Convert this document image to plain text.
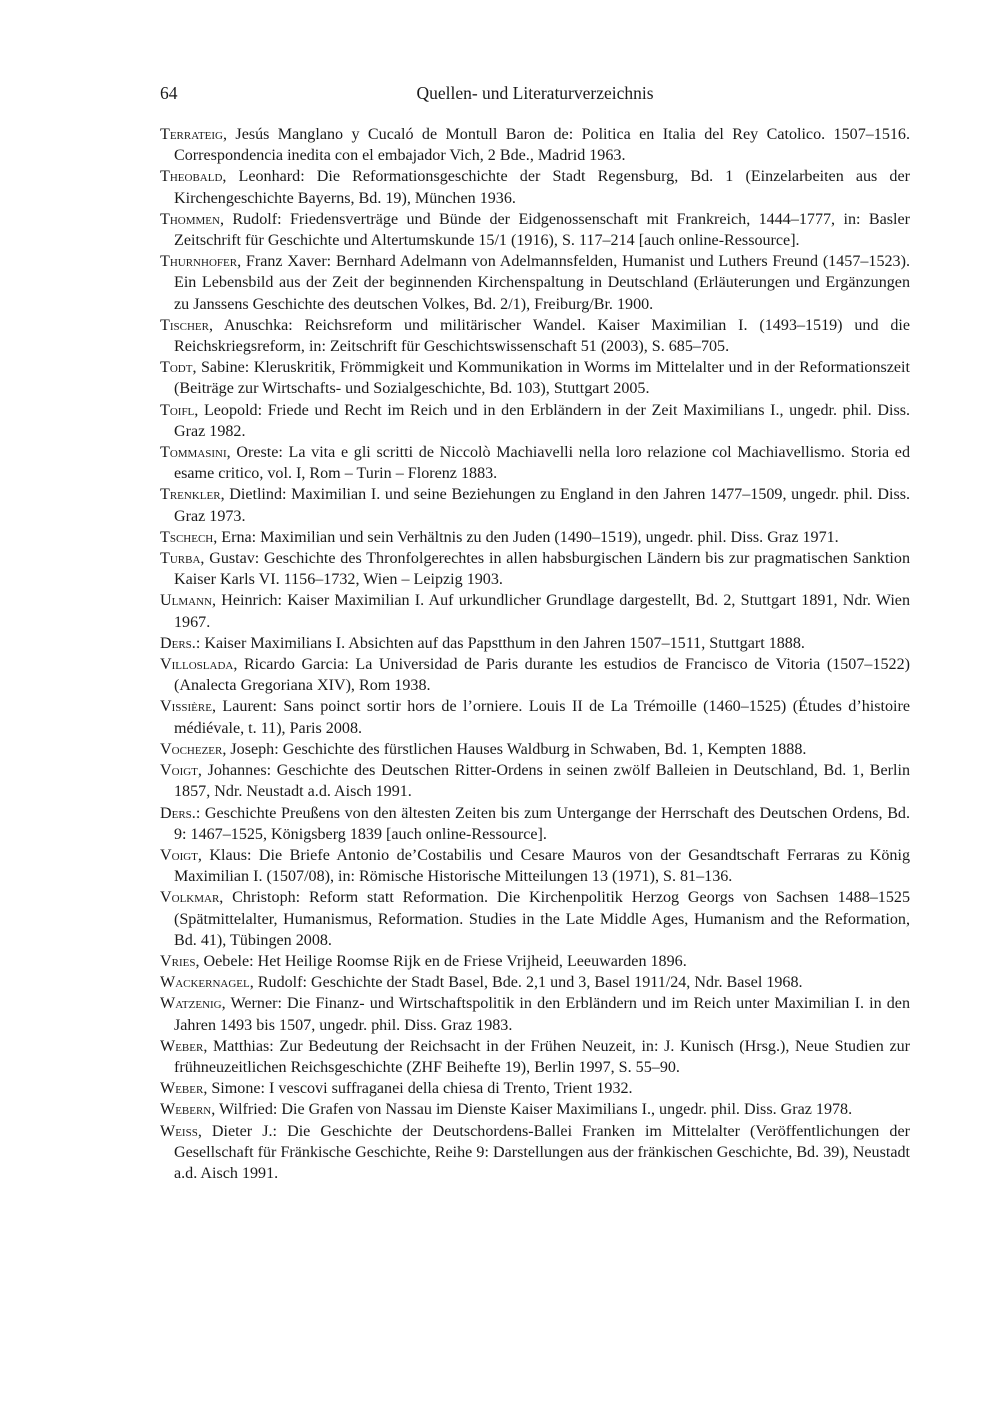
64	Quellen- und Literaturverzeichnis
Terrateig, Jesús Manglano y Cucaló de Montull Baron de: Politica en Italia del Rey Catolico. 1507–1516. Correspondencia inedita con el embajador Vich, 2 Bde., Madrid 1963.
Theobald, Leonhard: Die Reformationsgeschichte der Stadt Regensburg, Bd. 1 (Einzelarbeiten aus der Kirchengeschichte Bayerns, Bd. 19), München 1936.
Thommen, Rudolf: Friedensverträge und Bünde der Eidgenossenschaft mit Frankreich, 1444–1777, in: Basler Zeitschrift für Geschichte und Altertumskunde 15/1 (1916), S. 117–214 [auch online-Ressource].
Thurnhofer, Franz Xaver: Bernhard Adelmann von Adelmannsfelden, Humanist und Luthers Freund (1457–1523). Ein Lebensbild aus der Zeit der beginnenden Kirchenspaltung in Deutschland (Erläuterungen und Ergänzungen zu Janssens Geschichte des deutschen Volkes, Bd. 2/1), Freiburg/Br. 1900.
Tischer, Anuschka: Reichsreform und militärischer Wandel. Kaiser Maximilian I. (1493–1519) und die Reichskriegsreform, in: Zeitschrift für Geschichtswissenschaft 51 (2003), S. 685–705.
Todt, Sabine: Kleruskritik, Frömmigkeit und Kommunikation in Worms im Mittelalter und in der Reformationszeit (Beiträge zur Wirtschafts- und Sozialgeschichte, Bd. 103), Stuttgart 2005.
Toifl, Leopold: Friede und Recht im Reich und in den Erbländern in der Zeit Maximilians I., ungedr. phil. Diss. Graz 1982.
Tommasini, Oreste: La vita e gli scritti de Niccolò Machiavelli nella loro relazione col Machiavellismo. Storia ed esame critico, vol. I, Rom – Turin – Florenz 1883.
Trenkler, Dietlind: Maximilian I. und seine Beziehungen zu England in den Jahren 1477–1509, ungedr. phil. Diss. Graz 1973.
Tschech, Erna: Maximilian und sein Verhältnis zu den Juden (1490–1519), ungedr. phil. Diss. Graz 1971.
Turba, Gustav: Geschichte des Thronfolgerechtes in allen habsburgischen Ländern bis zur pragmatischen Sanktion Kaiser Karls VI. 1156–1732, Wien – Leipzig 1903.
Ulmann, Heinrich: Kaiser Maximilian I. Auf urkundlicher Grundlage dargestellt, Bd. 2, Stuttgart 1891, Ndr. Wien 1967.
Ders.: Kaiser Maximilians I. Absichten auf das Papstthum in den Jahren 1507–1511, Stuttgart 1888.
Villoslada, Ricardo Garcia: La Universidad de Paris durante les estudios de Francisco de Vitoria (1507–1522) (Analecta Gregoriana XIV), Rom 1938.
Vissière, Laurent: Sans poinct sortir hors de l’orniere. Louis II de La Trémoille (1460–1525) (Études d’histoire médiévale, t. 11), Paris 2008.
Vochezer, Joseph: Geschichte des fürstlichen Hauses Waldburg in Schwaben, Bd. 1, Kempten 1888.
Voigt, Johannes: Geschichte des Deutschen Ritter-Ordens in seinen zwölf Balleien in Deutschland, Bd. 1, Berlin 1857, Ndr. Neustadt a.d. Aisch 1991.
Ders.: Geschichte Preußens von den ältesten Zeiten bis zum Untergange der Herrschaft des Deutschen Ordens, Bd. 9: 1467–1525, Königsberg 1839 [auch online-Ressource].
Voigt, Klaus: Die Briefe Antonio de’Costabilis und Cesare Mauros von der Gesandtschaft Ferraras zu König Maximilian I. (1507/08), in: Römische Historische Mitteilungen 13 (1971), S. 81–136.
Volkmar, Christoph: Reform statt Reformation. Die Kirchenpolitik Herzog Georgs von Sachsen 1488–1525 (Spätmittelalter, Humanismus, Reformation. Studies in the Late Middle Ages, Humanism and the Reformation, Bd. 41), Tübingen 2008.
Vries, Oebele: Het Heilige Roomse Rijk en de Friese Vrijheid, Leeuwarden 1896.
Wackernagel, Rudolf: Geschichte der Stadt Basel, Bde. 2,1 und 3, Basel 1911/24, Ndr. Basel 1968.
Watzenig, Werner: Die Finanz- und Wirtschaftspolitik in den Erbländern und im Reich unter Maximilian I. in den Jahren 1493 bis 1507, ungedr. phil. Diss. Graz 1983.
Weber, Matthias: Zur Bedeutung der Reichsacht in der Frühen Neuzeit, in: J. Kunisch (Hrsg.), Neue Studien zur frühneuzeitlichen Reichsgeschichte (ZHF Beihefte 19), Berlin 1997, S. 55–90.
Weber, Simone: I vescovi suffraganei della chiesa di Trento, Trient 1932.
Webern, Wilfried: Die Grafen von Nassau im Dienste Kaiser Maximilians I., ungedr. phil. Diss. Graz 1978.
Weiss, Dieter J.: Die Geschichte der Deutschordens-Ballei Franken im Mittelalter (Veröffentlichungen der Gesellschaft für Fränkische Geschichte, Reihe 9: Darstellungen aus der fränkischen Geschichte, Bd. 39), Neustadt a.d. Aisch 1991.
